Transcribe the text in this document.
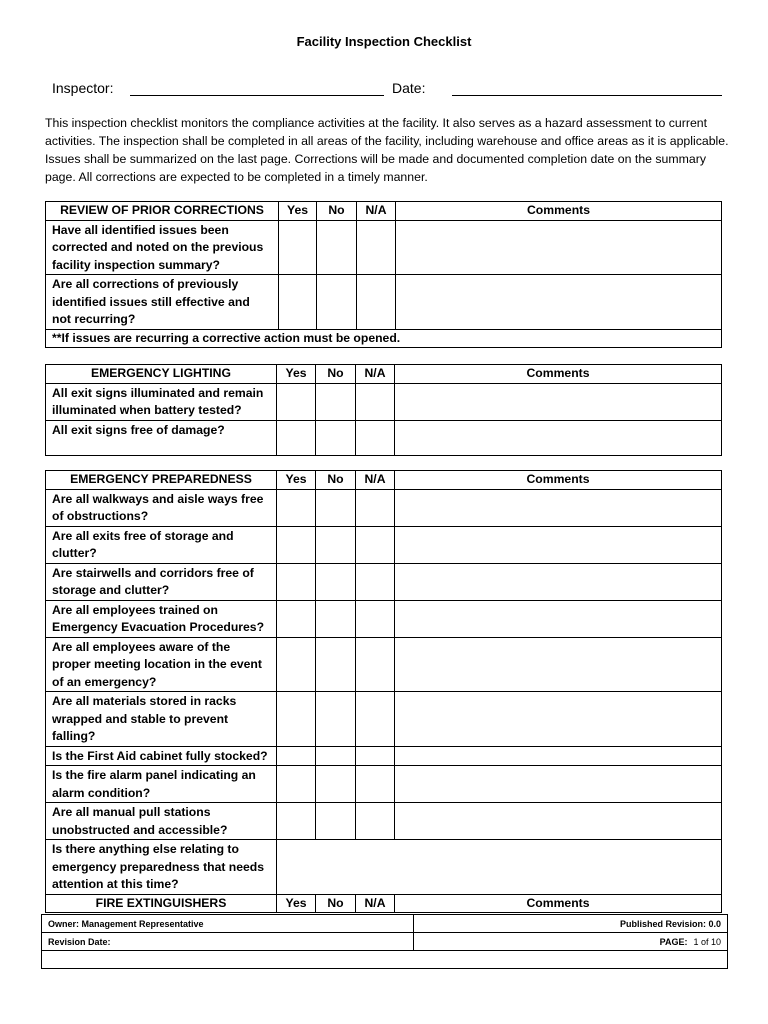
Facility Inspection Checklist
Inspector:	Date:
This inspection checklist monitors the compliance activities at the facility. It also serves as a hazard assessment to current activities. The inspection shall be completed in all areas of the facility, including warehouse and office areas as it is applicable. Issues shall be summarized on the last page. Corrections will be made and documented completion date on the summary page. All corrections are expected to be completed in a timely manner.
REVIEW OF PRIOR CORRECTIONS	Yes	No	N/A	Comments
Have all identified issues been corrected and noted on the previous facility inspection summary?				
Are all corrections of previously identified issues still effective and not recurring?				
**If issues are recurring a corrective action must be opened.				
EMERGENCY LIGHTING	Yes	No	N/A	Comments
All exit signs illuminated and remain illuminated when battery tested?				
All exit signs free of damage?				
EMERGENCY PREPAREDNESS	Yes	No	N/A	Comments
Are all walkways and aisle ways free of obstructions?				
Are all exits free of storage and clutter?				
Are stairwells and corridors free of storage and clutter?				
Are all employees trained on Emergency Evacuation Procedures?				
Are all employees aware of the proper meeting location in the event of an emergency?				
Are all materials stored in racks wrapped and stable to prevent falling?				
Is the First Aid cabinet fully stocked?				
Is the fire alarm panel indicating an alarm condition?				
Are all manual pull stations unobstructed and accessible?				
Is there anything else relating to emergency preparedness that needs attention at this time?				
FIRE EXTINGUISHERS	Yes	No	N/A	Comments
Owner: Management Representative	Published Revision: 0.0
Revision Date:	PAGE: 1 of 10
